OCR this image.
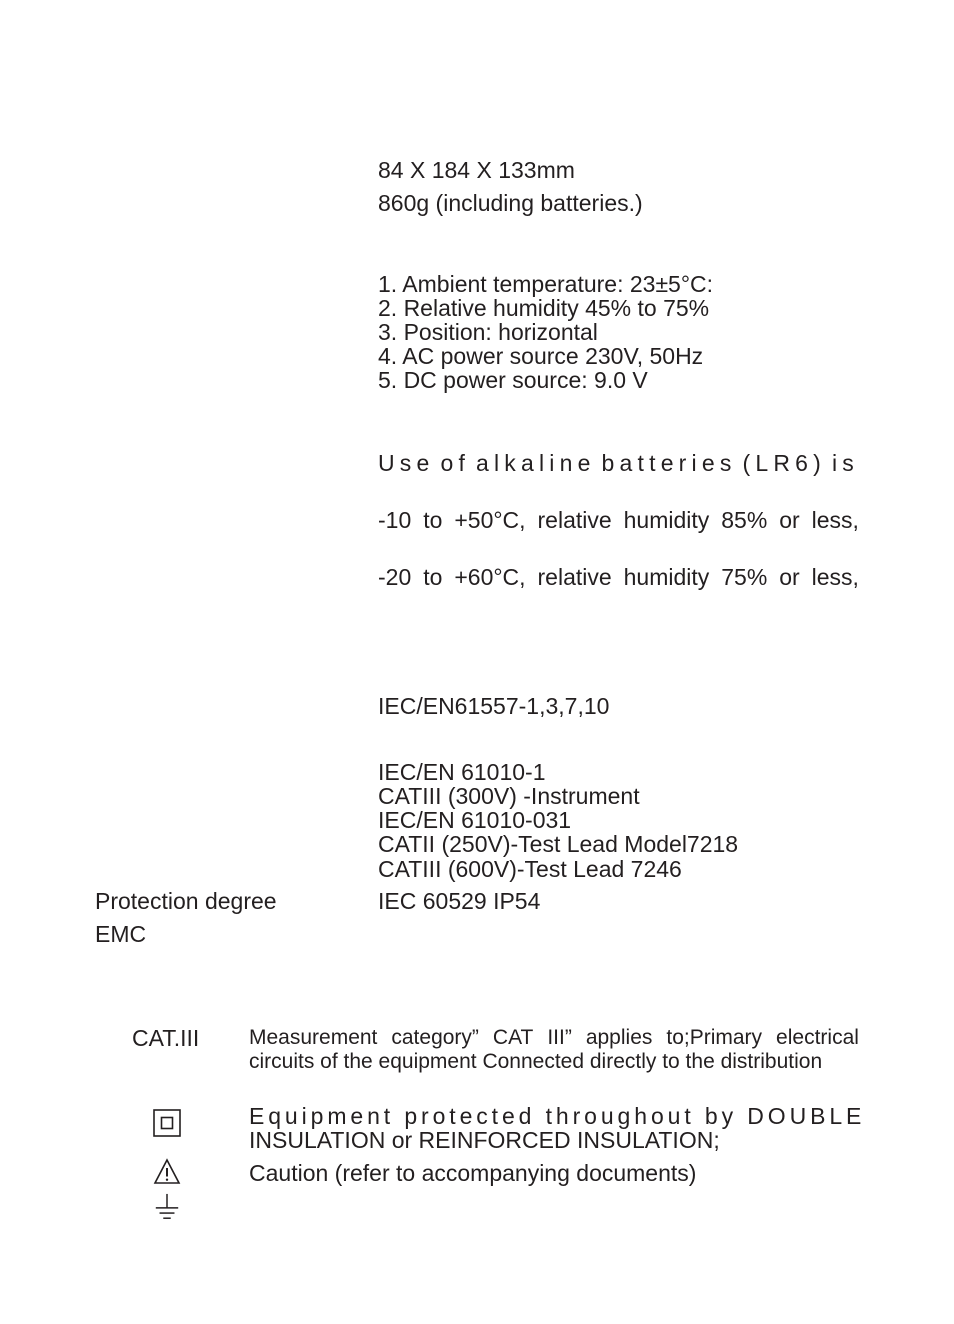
84 X 184 X 133mm
860g (including batteries.)
1. Ambient temperature: 23±5°C:
2. Relative humidity 45% to 75%
3. Position: horizontal
4. AC power source 230V, 50Hz
5. DC power source: 9.0 V
Use of alkaline batteries (LR6) is
-10 to +50°C, relative humidity 85% or less,
-20 to +60°C, relative humidity 75% or less,
IEC/EN61557-1,3,7,10
IEC/EN 61010-1
CATIII (300V) -Instrument
IEC/EN 61010-031
CATII (250V)-Test Lead Model7218
CATIII (600V)-Test Lead 7246
Protection degree	IEC 60529 IP54
EMC
CAT.III Measurement category” CAT III” applies to;Primary electrical
circuits of the equipment Connected directly to the distribution
Equipment protected throughout by DOUBLE
INSULATION or REINFORCED INSULATION;
Caution (refer to accompanying documents)
